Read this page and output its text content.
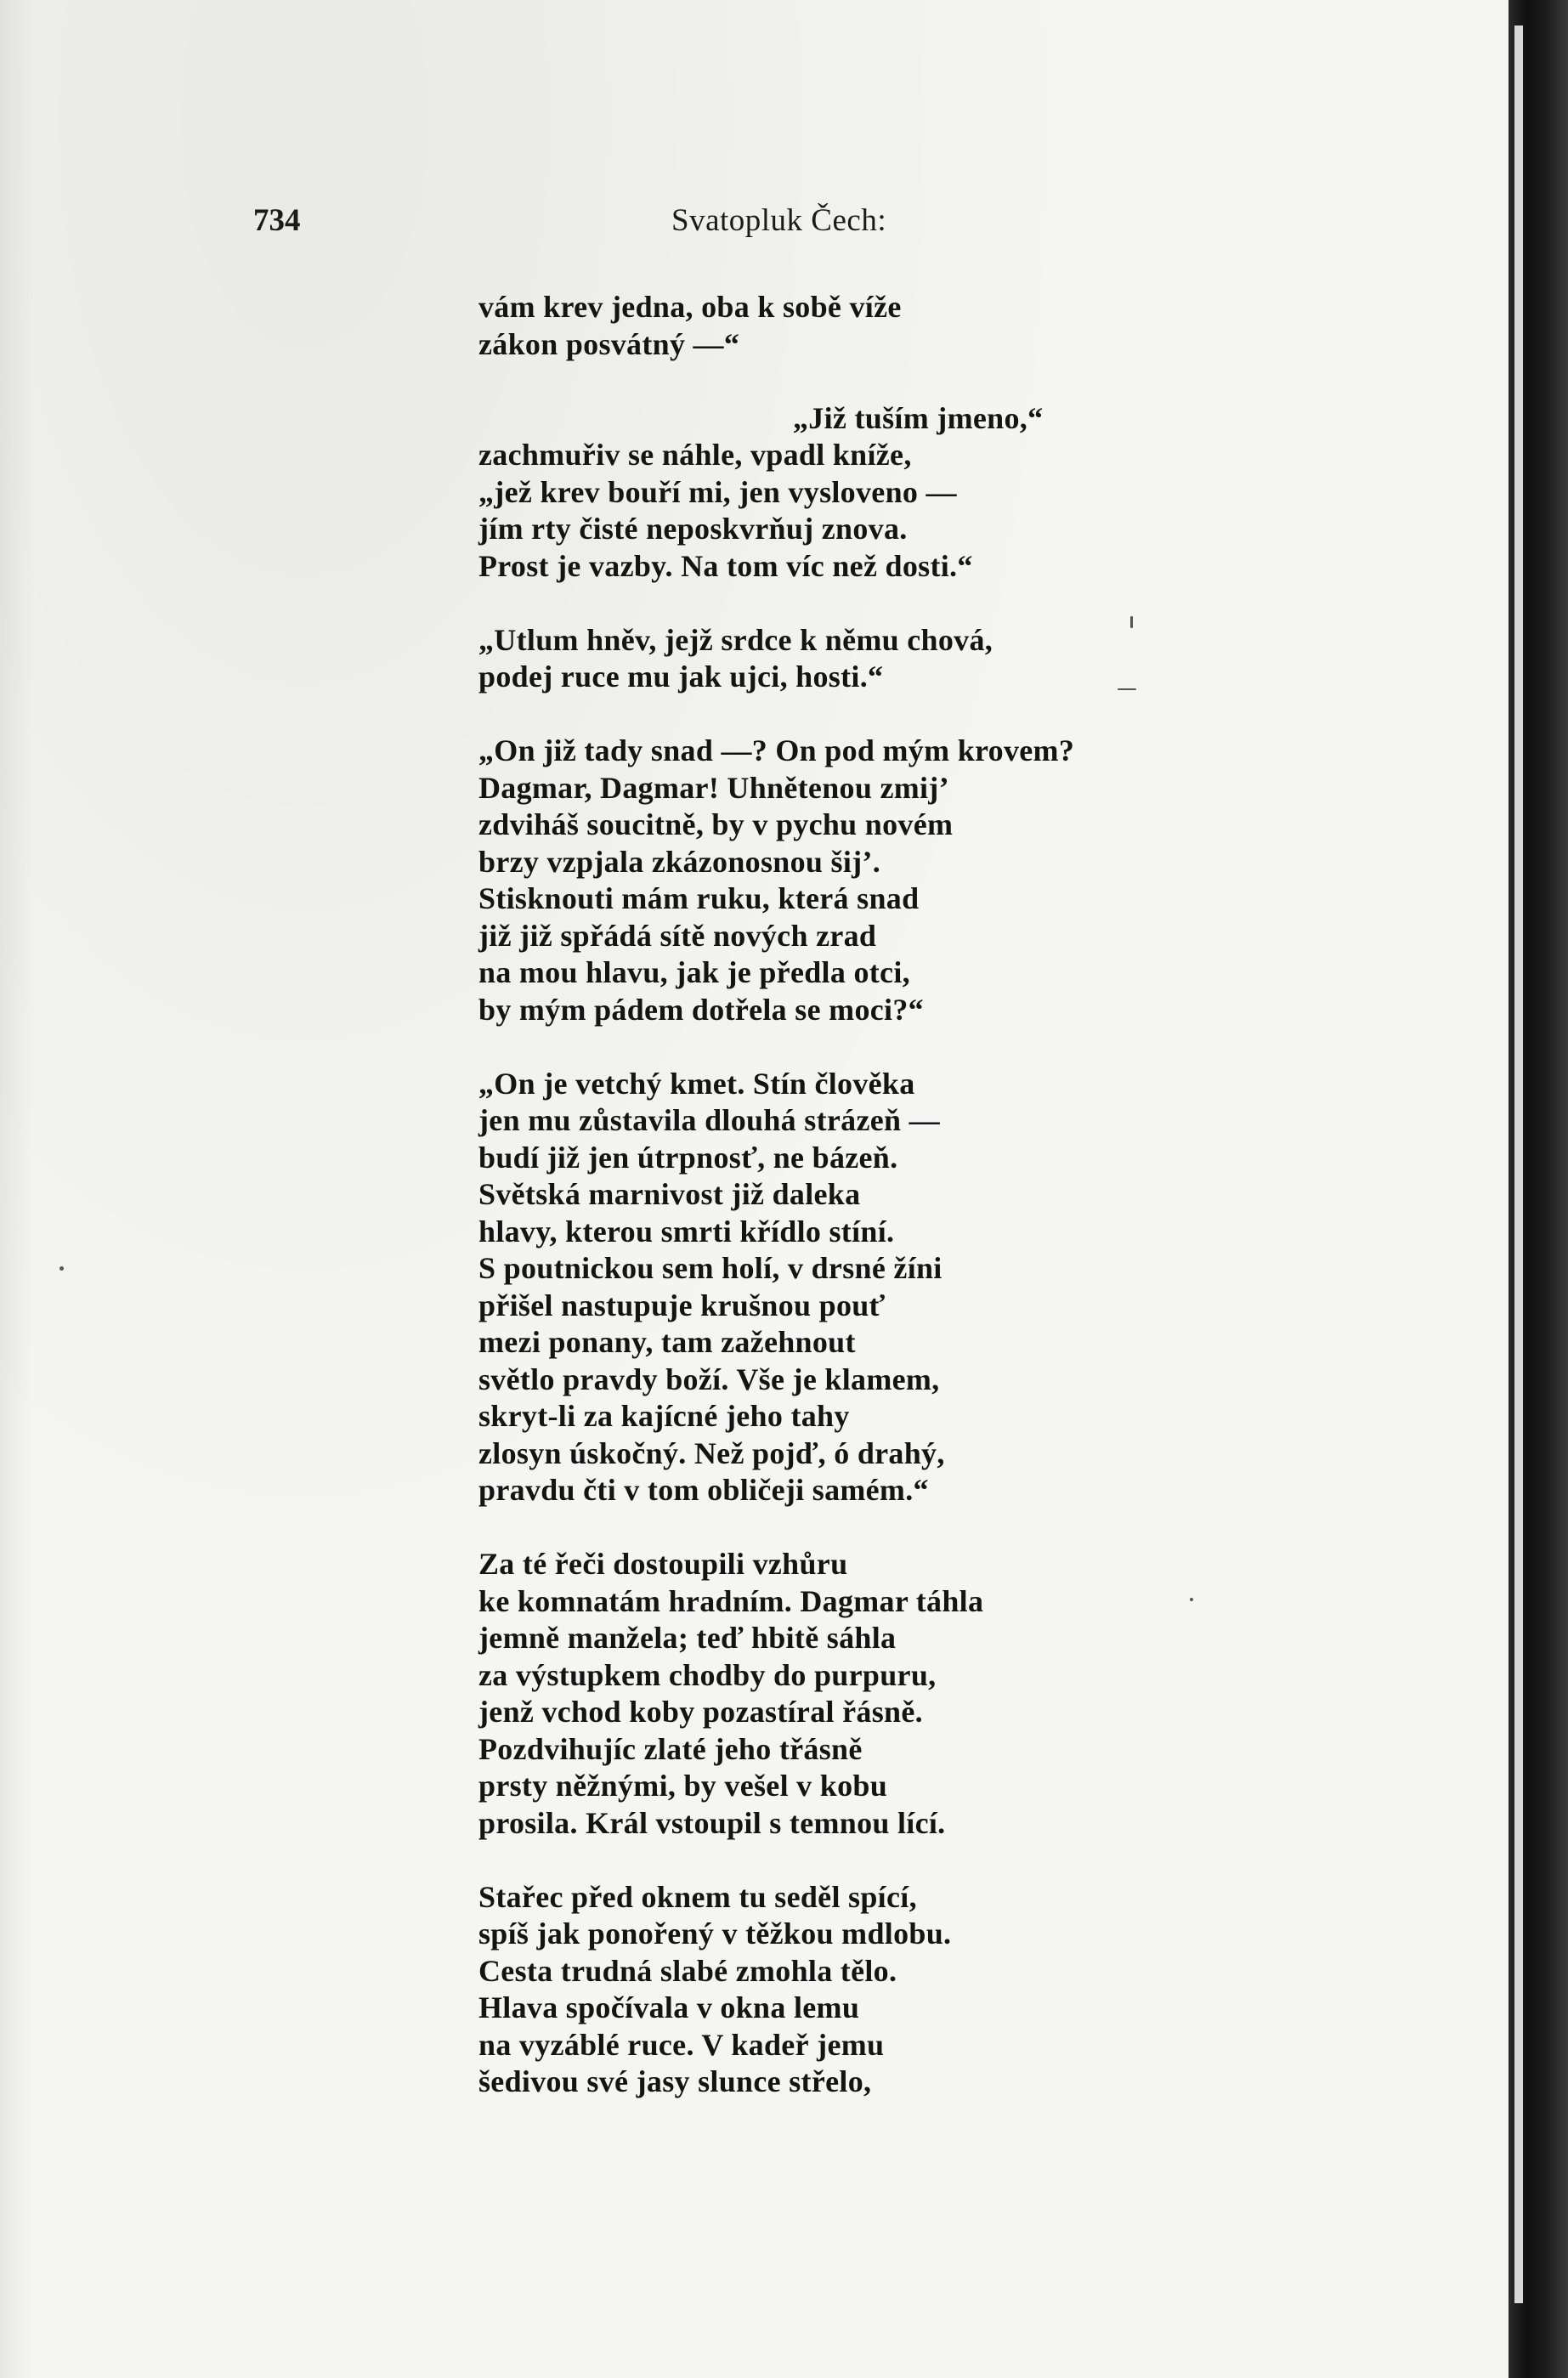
734	Svatopluk Čech:
vám krev jedna, oba k sobě víže
zákon posvátný —“
„Již tuším jmeno,“
zachmuřiv se náhle, vpadl kníže,
„jež krev bouří mi, jen vysloveno —
jím rty čisté neposkvrňuj znova.
Prost je vazby. Na tom víc než dosti.“
„Utlum hněv, jejž srdce k němu chová,
podej ruce mu jak ujci, hosti.“
„On již tady snad —? On pod mým krovem?
Dagmar, Dagmar! Uhnětenou zmij’
zdviháš soucitně, by v pychu novém
brzy vzpjala zkázonosnou šij’.
Stisknouti mám ruku, která snad
již již spřádá sítě nových zrad
na mou hlavu, jak je předla otci,
by mým pádem dotřela se moci?“
„On je vetchý kmet. Stín člověka
jen mu zůstavila dlouhá strázeň —
budí již jen útrpnosť, ne bázeň.
Světská marnivost již daleka
hlavy, kterou smrti křídlo stíní.
S poutnickou sem holí, v drsné žíni
přišel nastupuje krušnou pouť
mezi ponany, tam zažehnout
světlo pravdy boží. Vše je klamem,
skryt-li za kajícné jeho tahy
zlosyn úskočný. Než pojď, ó drahý,
pravdu čti v tom obličeji samém.“
Za té řeči dostoupili vzhůru
ke komnatám hradním. Dagmar táhla
jemně manžela; teď hbitě sáhla
za výstupkem chodby do purpuru,
jenž vchod koby pozastíral řásně.
Pozdvihujíc zlaté jeho třásně
prsty něžnými, by vešel v kobu
prosila. Král vstoupil s temnou lící.
Stařec před oknem tu seděl spící,
spíš jak ponořený v těžkou mdlobu.
Cesta trudná slabé zmohla tělo.
Hlava spočívala v okna lemu
na vyzáblé ruce. V kadeř jemu
šedivou své jasy slunce střelo,
